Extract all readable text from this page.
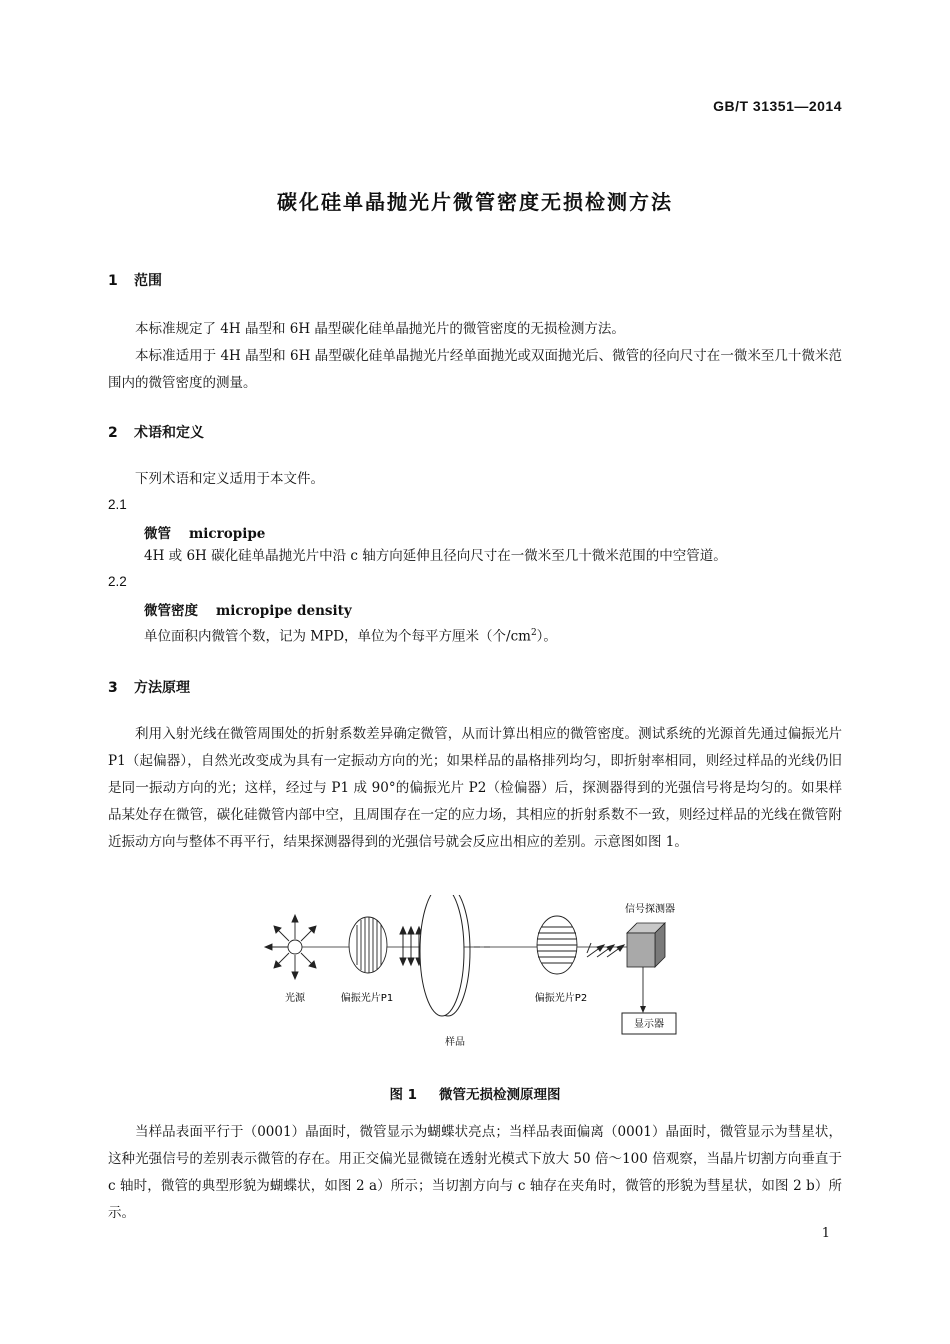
GB/T 31351—2014
碳化硅单晶抛光片微管密度无损检测方法
1 范围

本标准规定了 4H 晶型和 6H 晶型碳化硅单晶抛光片的微管密度的无损检测方法。

本标准适用于 4H 晶型和 6H 晶型碳化硅单晶抛光片经单面抛光或双面抛光后、微管的径向尺寸在一微米至几十微米范围内的微管密度的测量。

2 术语和定义

下列术语和定义适用于本文件。

2.1
微管 micropipe
4H 或 6H 碳化硅单晶抛光片中沿 c 轴方向延伸且径向尺寸在一微米至几十微米范围的中空管道。
2.2
微管密度 micropipe density
单位面积内微管个数，记为 MPD，单位为个每平方厘米（个$/cm^2$）。
3 方法原理

利用入射光线在微管周围处的折射系数差异确定微管，从而计算出相应的微管密度。测试系统的光源首先通过偏振光片 P1（起偏器），自然光改变成为具有一定振动方向的光；如果样品的晶格排列均匀，即折射率相同，则经过样品的光线仍旧是同一振动方向的光；这样，经过与 P1 成 90°的偏振光片 P2（检偏器）后，探测器得到的光强信号将是均匀的。如果样品某处存在微管，碳化硅微管内部中空，且周围存在一定的应力场，其相应的折射系数不一致，则经过样品的光线在微管附近振动方向与整体不再平行，结果探测器得到的光强信号就会反应出相应的差别。示意图如图 1。

光源	偏振光片P1
样品
偏振光片P2
信号探测器
显示器
图 1 微管无损检测原理图

当样品表面平行于（0001）晶面时，微管显示为蝴蝶状亮点；当样品表面偏离（0001）晶面时，微管显示为彗星状，这种光强信号的差别表示微管的存在。用正交偏光显微镜在透射光模式下放大 50 倍～100 倍观察，当晶片切割方向垂直于 c 轴时，微管的典型形貌为蝴蝶状，如图 2 a）所示；当切割方向与 c 轴存在夹角时，微管的形貌为彗星状，如图 2 b）所示。

1
